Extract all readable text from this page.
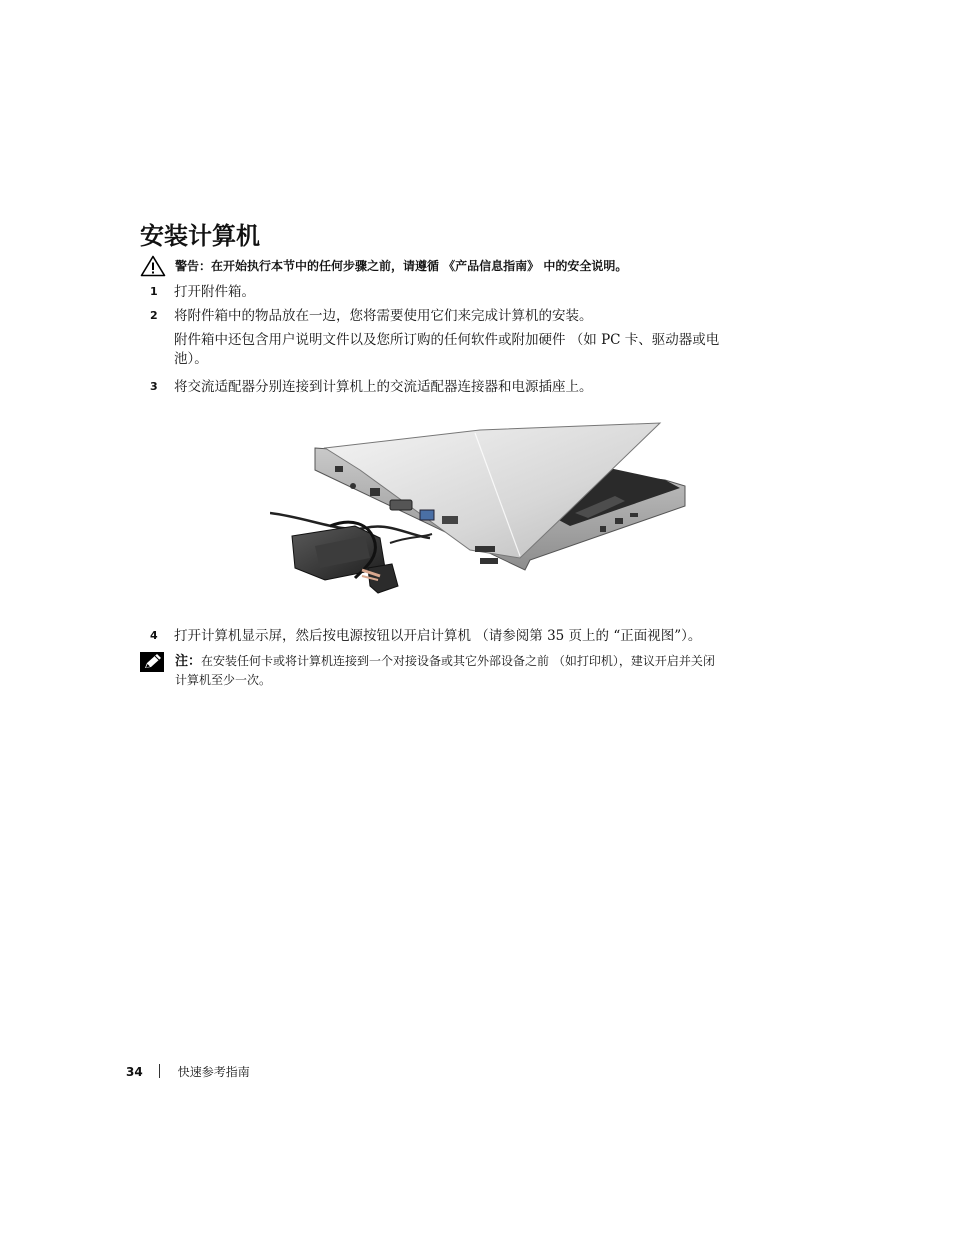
安装计算机
警告：在开始执行本节中的任何步骤之前，请遵循 《产品信息指南》 中的安全说明。
1 打开附件箱。
2 将附件箱中的物品放在一边，您将需要使用它们来完成计算机的安装。
附件箱中还包含用户说明文件以及您所订购的任何软件或附加硬件 （如 PC 卡、驱动器或电
池）。
3 将交流适配器分别连接到计算机上的交流适配器连接器和电源插座上。
4 打开计算机显示屏，然后按电源按钮以开启计算机 （请参阅第 35 页上的 “正面视图”）。
注：在安装任何卡或将计算机连接到一个对接设备或其它外部设备之前 （如打印机），建议开启并关闭
计算机至少一次。
34	快速参考指南
